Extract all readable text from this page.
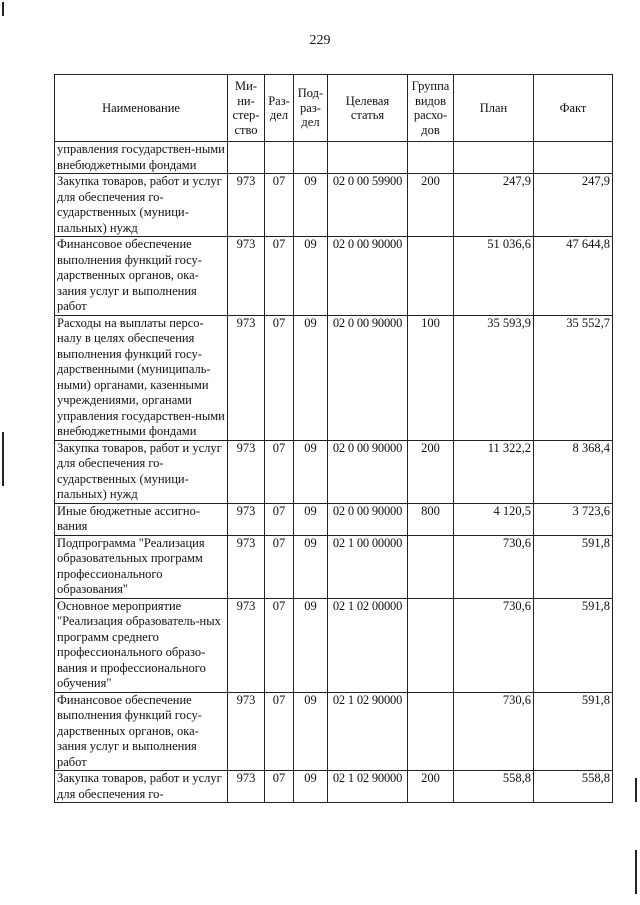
229
Наименование	Ми-ни-стер-ство	Раз-дел	Под-раз-дел	Целевая статья	Группа видов расхо-дов	План	Факт
управления государствен-ными внебюджетными фондами							
Закупка товаров, работ и услуг для обеспечения го-сударственных (муници-пальных) нужд	973	07	09	02 0 00 59900	200	247,9	247,9
Финансовое обеспечение выполнения функций госу-дарственных органов, ока-зания услуг и выполнения работ	973	07	09	02 0 00 90000		51 036,6	47 644,8
Расходы на выплаты персо-налу в целях обеспечения выполнения функций госу-дарственными (муниципаль-ными) органами, казенными учреждениями, органами управления государствен-ными внебюджетными фондами	973	07	09	02 0 00 90000	100	35 593,9	35 552,7
Закупка товаров, работ и услуг для обеспечения го-сударственных (муници-пальных) нужд	973	07	09	02 0 00 90000	200	11 322,2	8 368,4
Иные бюджетные ассигно-вания	973	07	09	02 0 00 90000	800	4 120,5	3 723,6
Подпрограмма "Реализация образовательных программ профессионального образования"	973	07	09	02 1 00 00000		730,6	591,8
Основное мероприятие "Реализация образователь-ных программ среднего профессионального образо-вания и профессионального обучения"	973	07	09	02 1 02 00000		730,6	591,8
Финансовое обеспечение выполнения функций госу-дарственных органов, ока-зания услуг и выполнения работ	973	07	09	02 1 02 90000		730,6	591,8
Закупка товаров, работ и услуг для обеспечения го-	973	07	09	02 1 02 90000	200	558,8	558,8
